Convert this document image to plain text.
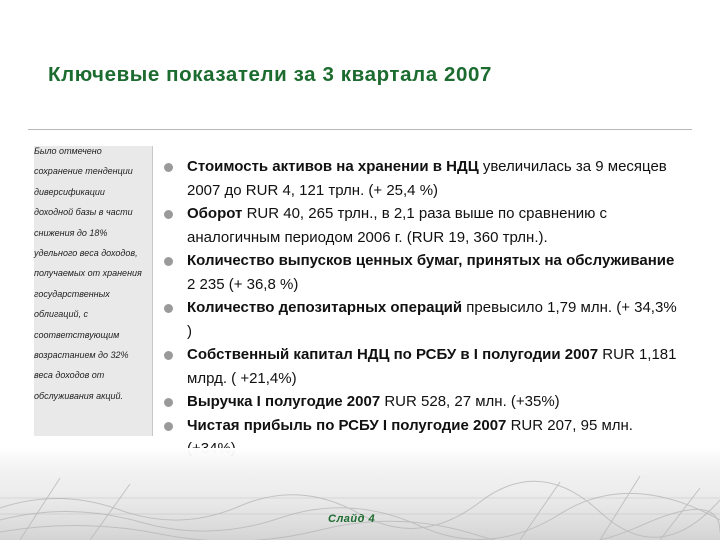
Ключевые показатели за 3 квартала 2007
Было отмечено сохранение тенденции диверсификации доходной базы в части снижения до 18% удельного веса доходов, получаемых от хранения государственных облигаций, с соответствующим возрастанием до 32% веса доходов от обслуживания акций.
Стоимость активов на хранении в НДЦ увеличилась за 9 месяцев 2007 до RUR 4, 121 трлн. (+ 25,4 %)
Оборот RUR 40, 265 трлн., в 2,1 раза выше по сравнению с аналогичным периодом 2006 г. (RUR 19, 360 трлн.).
Количество выпусков ценных бумаг, принятых на обслуживание 2 235 (+ 36,8 %)
Количество депозитарных операций превысило 1,79 млн. (+ 34,3% )
Собственный капитал НДЦ по РСБУ в I полугодии 2007 RUR 1,181 млрд. ( +21,4%)
Выручка I полугодие 2007 RUR 528, 27 млн. (+35%)
Чистая прибыль по РСБУ I полугодие 2007 RUR 207, 95 млн.
Слайд 4
